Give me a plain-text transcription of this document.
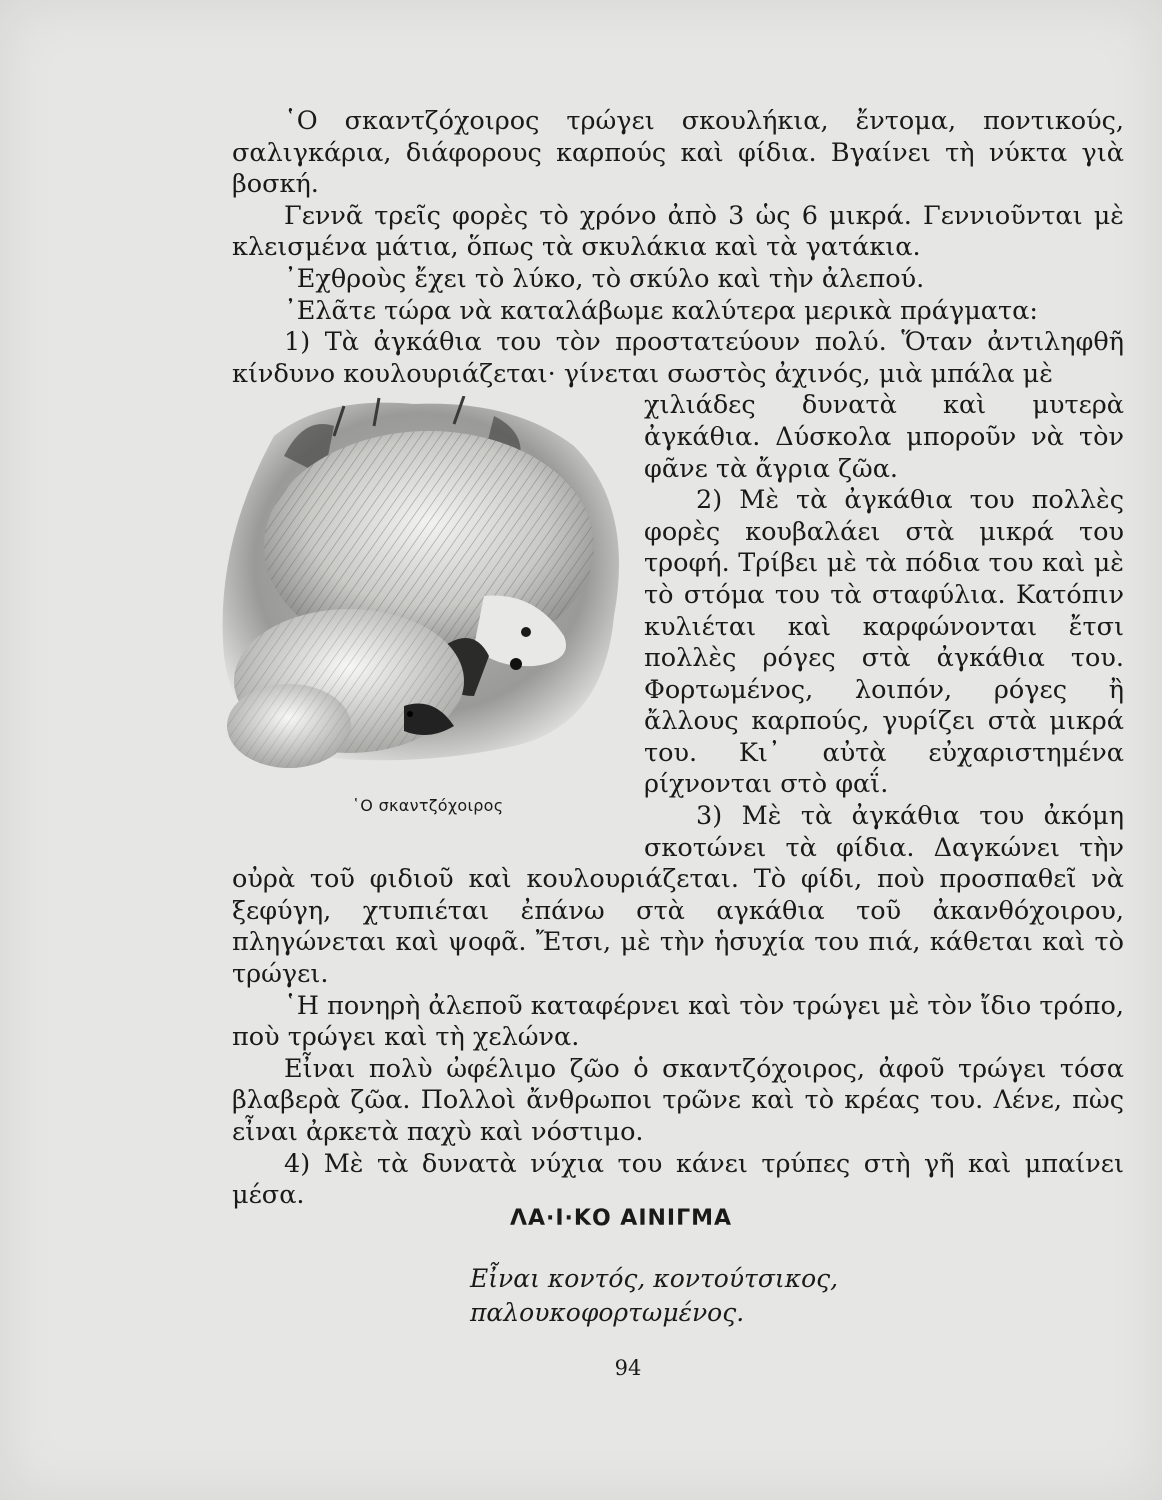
῾Ο σκαντζόχοιρος τρώγει σκουλήκια, ἔντομα, ποντικούς, σαλιγκάρια, διάφορους καρπούς καὶ φίδια. Βγαίνει τὴ νύκτα γιὰ βοσκή.

Γεννᾶ τρεῖς φορὲς τὸ χρόνο ἀπὸ 3 ὡς 6 μικρά. Γεννιοῦνται μὲ κλεισμένα μάτια, ὅπως τὰ σκυλάκια καὶ τὰ γατάκια.

᾿Εχθροὺς ἔχει τὸ λύκο, τὸ σκύλο καὶ τὴν ἀλεπού.

᾿Ελᾶτε τώρα νὰ καταλάβωμε καλύτερα μερικὰ πράγματα:

1) Τὰ ἀγκάθια του τὸν προστατεύουν πολύ. Ὅταν ἀντιληφθῆ κίνδυνο κουλουριάζεται· γίνεται σωστὸς ἀχινός, μιὰ μπάλα μὲ

῾Ο σκαντζόχοιρος

χιλιάδες δυνατὰ καὶ μυτερὰ ἀγκάθια. Δύσκολα μποροῦν νὰ τὸν φᾶνε τὰ ἄγρια ζῶα.

2) Μὲ τὰ ἀγκάθια του πολλὲς φορὲς κουβαλάει στὰ μικρά του τροφή. Τρίβει μὲ τὰ πόδια του καὶ μὲ τὸ στόμα του τὰ σταφύλια. Κατόπιν κυλιέται καὶ καρφώνονται ἔτσι πολλὲς ρόγες στὰ ἀγκάθια του. Φορτωμένος, λοιπόν, ρόγες ἢ ἄλλους καρπούς, γυρίζει στὰ μικρά του. Κι᾿ αὐτὰ εὐχαριστημένα ρίχνονται στὸ φαΐ.

3) Μὲ τὰ ἀγκάθια του ἀκόμη σκοτώνει τὰ φίδια. Δαγκώνει τὴν οὐρὰ τοῦ φιδιοῦ καὶ κουλουριάζεται. Τὸ φίδι, ποὺ προσπαθεῖ νὰ ξεφύγη, χτυπιέται ἐπάνω στὰ αγκάθια τοῦ ἀκανθόχοιρου, πληγώνεται καὶ ψοφᾶ. Ἔτσι, μὲ τὴν ἡσυχία του πιά, κάθεται καὶ τὸ τρώγει.

῾Η πονηρὴ ἀλεποῦ καταφέρνει καὶ τὸν τρώγει μὲ τὸν ἴδιο τρόπο, ποὺ τρώγει καὶ τὴ χελώνα.

Εἶναι πολὺ ὠφέλιμο ζῶο ὁ σκαντζόχοιρος, ἀφοῦ τρώγει τόσα βλαβερὰ ζῶα. Πολλοὶ ἄνθρωποι τρῶνε καὶ τὸ κρέας του. Λένε, πὼς εἶναι ἀρκετὰ παχὺ καὶ νόστιμο.

4) Μὲ τὰ δυνατὰ νύχια του κάνει τρύπες στὴ γῆ καὶ μπαίνει μέσα.

ΛΑ·Ι·ΚΟ ΑΙΝΙΓΜΑ
Εἶναι κοντός, κοντούτσικος,
παλουκοφορτωμένος.
94
